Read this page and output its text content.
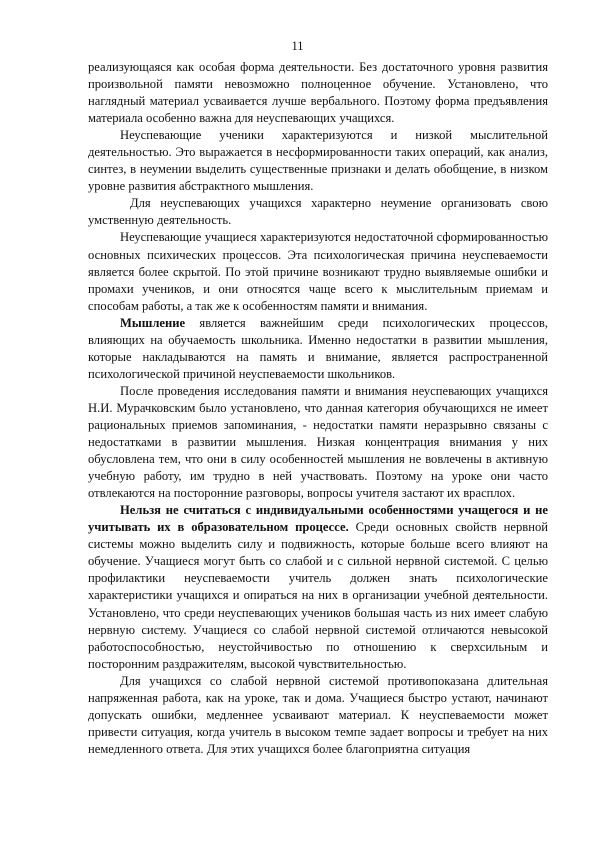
11

реализующаяся как особая форма деятельности. Без достаточного уровня развития произвольной памяти невозможно полноценное обучение. Установлено, что наглядный материал усваивается лучше вербального. Поэтому форма предъявления материала особенно важна для неуспевающих учащихся.

Неуспевающие ученики характеризуются и низкой мыслительной деятельностью. Это выражается в несформированности таких операций, как анализ, синтез, в неумении выделить существенные признаки и делать обобщение, в низком уровне развития абстрактного мышления.

Для неуспевающих учащихся характерно неумение организовать свою умственную деятельность.

Неуспевающие учащиеся характеризуются недостаточной сформированностью основных психических процессов. Эта психологическая причина неуспеваемости является более скрытой. По этой причине возникают трудно выявляемые ошибки и промахи учеников, и они относятся чаще всего к мыслительным приемам и способам работы, а так же к особенностям памяти и внимания.

Мышление является важнейшим среди психологических процессов, влияющих на обучаемость школьника. Именно недостатки в развитии мышления, которые накладываются на память и внимание, является распространенной психологической причиной неуспеваемости школьников.

После проведения исследования памяти и внимания неуспевающих учащихся Н.И. Мурачковским было установлено, что данная категория обучающихся не имеет рациональных приемов запоминания, - недостатки памяти неразрывно связаны с недостатками в развитии мышления. Низкая концентрация внимания у них обусловлена тем, что они в силу особенностей мышления не вовлечены в активную учебную работу, им трудно в ней участвовать. Поэтому на уроке они часто отвлекаются на посторонние разговоры, вопросы учителя застают их врасплох.

Нельзя не считаться с индивидуальными особенностями учащегося и не учитывать их в образовательном процессе. Среди основных свойств нервной системы можно выделить силу и подвижность, которые больше всего влияют на обучение. Учащиеся могут быть со слабой и с сильной нервной системой. С целью профилактики неуспеваемости учитель должен знать психологические характеристики учащихся и опираться на них в организации учебной деятельности. Установлено, что среди неуспевающих учеников большая часть из них имеет слабую нервную систему. Учащиеся со слабой нервной системой отличаются невысокой работоспособностью, неустойчивостью по отношению к сверхсильным и посторонним раздражителям, высокой чувствительностью.

Для учащихся со слабой нервной системой противопоказана длительная напряженная работа, как на уроке, так и дома. Учащиеся быстро устают, начинают допускать ошибки, медленнее усваивают материал. К неуспеваемости может привести ситуация, когда учитель в высоком темпе задает вопросы и требует на них немедленного ответа. Для этих учащихся более благоприятна ситуация
